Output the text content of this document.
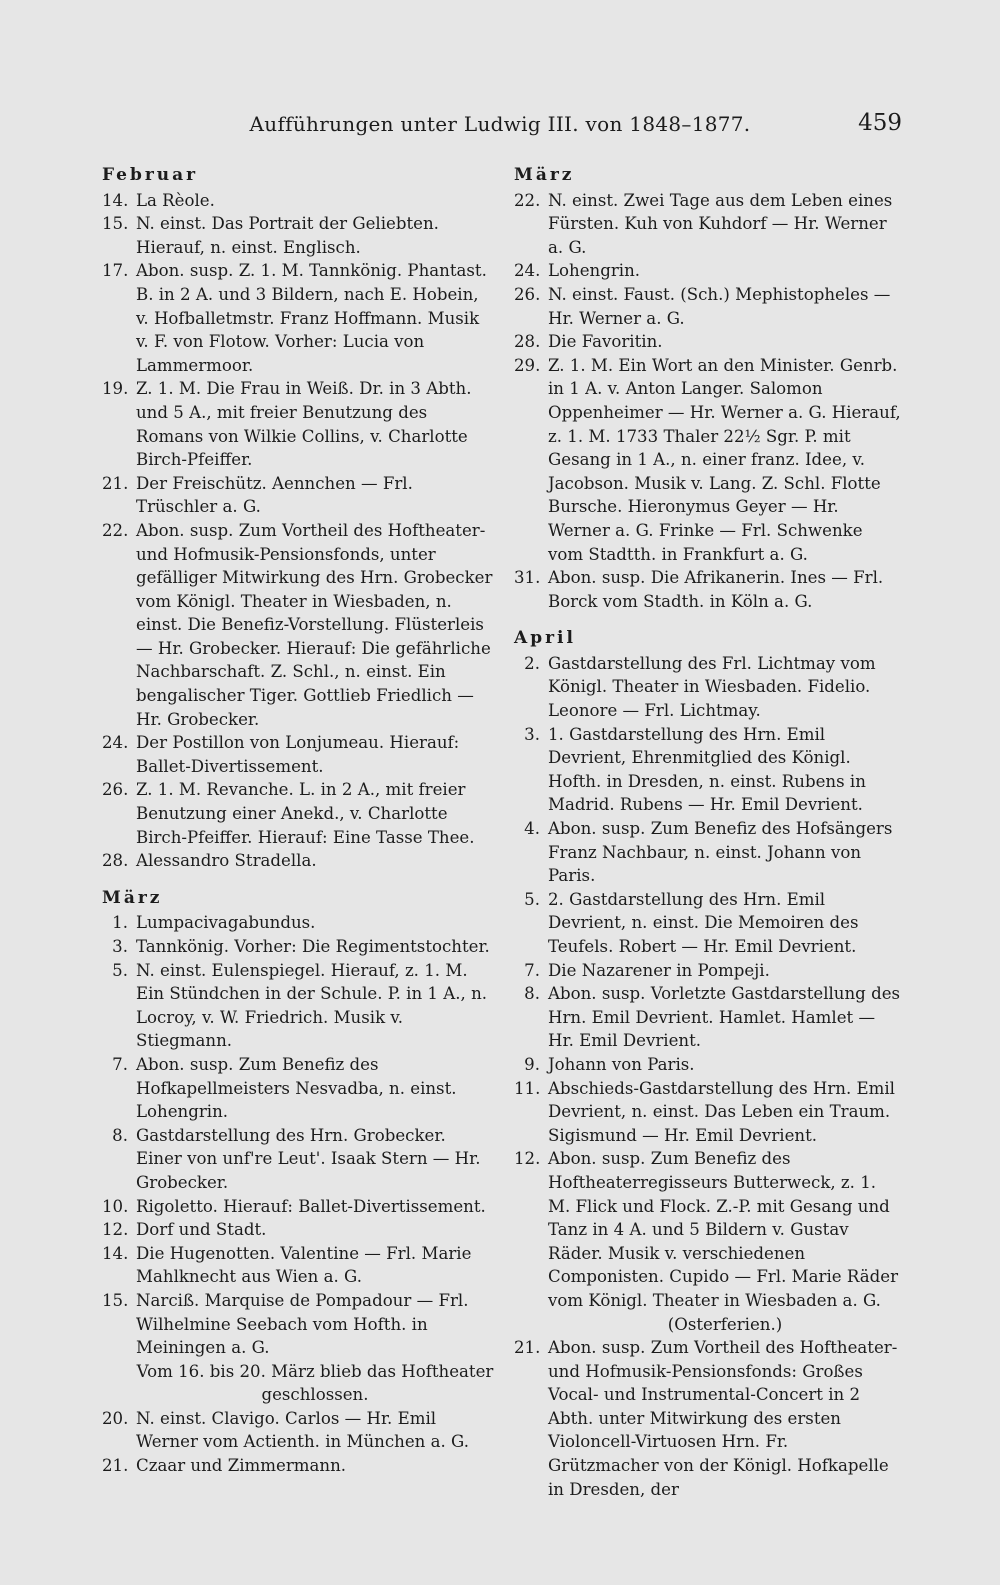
Aufführungen unter Ludwig III. von 1848–1877.	459
Februar
14. La Rèole.
15. N. einst. Das Portrait der Geliebten. Hierauf, n. einst. Englisch.
17. Abon. susp. Z. 1. M. Tannkönig. Phantast. B. in 2 A. und 3 Bildern, nach E. Hobein, v. Hofballetmstr. Franz Hoffmann. Musik v. F. von Flotow. Vorher: Lucia von Lammermoor.
19. Z. 1. M. Die Frau in Weiß. Dr. in 3 Abth. und 5 A., mit freier Benutzung des Romans von Wilkie Collins, v. Charlotte Birch-Pfeiffer.
21. Der Freischütz. Aennchen — Frl. Trüschler a. G.
22. Abon. susp. Zum Vortheil des Hoftheater- und Hofmusik-Pensionsfonds, unter gefälliger Mitwirkung des Hrn. Grobecker vom Königl. Theater in Wiesbaden, n. einst. Die Benefiz-Vorstellung. Flüsterleis — Hr. Grobecker. Hierauf: Die gefährliche Nachbarschaft. Z. Schl., n. einst. Ein bengalischer Tiger. Gottlieb Friedlich — Hr. Grobecker.
24. Der Postillon von Lonjumeau. Hierauf: Ballet-Divertissement.
26. Z. 1. M. Revanche. L. in 2 A., mit freier Benutzung einer Anekd., v. Charlotte Birch-Pfeiffer. Hierauf: Eine Tasse Thee.
28. Alessandro Stradella.
März
1. Lumpacivagabundus.
3. Tannkönig. Vorher: Die Regimentstochter.
5. N. einst. Eulenspiegel. Hierauf, z. 1. M. Ein Stündchen in der Schule. P. in 1 A., n. Locroy, v. W. Friedrich. Musik v. Stiegmann.
7. Abon. susp. Zum Benefiz des Hofkapellmeisters Nesvadba, n. einst. Lohengrin.
8. Gastdarstellung des Hrn. Grobecker. Einer von unf're Leut'. Isaak Stern — Hr. Grobecker.
10. Rigoletto. Hierauf: Ballet-Divertissement.
12. Dorf und Stadt.
14. Die Hugenotten. Valentine — Frl. Marie Mahlknecht aus Wien a. G.
15. Narciß. Marquise de Pompadour — Frl. Wilhelmine Seebach vom Hofth. in Meiningen a. G.
Vom 16. bis 20. März blieb das Hoftheater geschlossen.
20. N. einst. Clavigo. Carlos — Hr. Emil Werner vom Actienth. in München a. G.
21. Czaar und Zimmermann.
März
22. N. einst. Zwei Tage aus dem Leben eines Fürsten. Kuh von Kuhdorf — Hr. Werner a. G.
24. Lohengrin.
26. N. einst. Faust. (Sch.) Mephistopheles — Hr. Werner a. G.
28. Die Favoritin.
29. Z. 1. M. Ein Wort an den Minister. Genrb. in 1 A. v. Anton Langer. Salomon Oppenheimer — Hr. Werner a. G. Hierauf, z. 1. M. 1733 Thaler 22½ Sgr. P. mit Gesang in 1 A., n. einer franz. Idee, v. Jacobson. Musik v. Lang. Z. Schl. Flotte Bursche. Hieronymus Geyer — Hr. Werner a. G. Frinke — Frl. Schwenke vom Stadtth. in Frankfurt a. G.
31. Abon. susp. Die Afrikanerin. Ines — Frl. Borck vom Stadth. in Köln a. G.
April
2. Gastdarstellung des Frl. Lichtmay vom Königl. Theater in Wiesbaden. Fidelio. Leonore — Frl. Lichtmay.
3. 1. Gastdarstellung des Hrn. Emil Devrient, Ehrenmitglied des Königl. Hofth. in Dresden, n. einst. Rubens in Madrid. Rubens — Hr. Emil Devrient.
4. Abon. susp. Zum Benefiz des Hofsängers Franz Nachbaur, n. einst. Johann von Paris.
5. 2. Gastdarstellung des Hrn. Emil Devrient, n. einst. Die Memoiren des Teufels. Robert — Hr. Emil Devrient.
7. Die Nazarener in Pompeji.
8. Abon. susp. Vorletzte Gastdarstellung des Hrn. Emil Devrient. Hamlet. Hamlet — Hr. Emil Devrient.
9. Johann von Paris.
11. Abschieds-Gastdarstellung des Hrn. Emil Devrient, n. einst. Das Leben ein Traum. Sigismund — Hr. Emil Devrient.
12. Abon. susp. Zum Benefiz des Hoftheaterregisseurs Butterweck, z. 1. M. Flick und Flock. Z.-P. mit Gesang und Tanz in 4 A. und 5 Bildern v. Gustav Räder. Musik v. verschiedenen Componisten. Cupido — Frl. Marie Räder vom Königl. Theater in Wiesbaden a. G.
(Osterferien.)
21. Abon. susp. Zum Vortheil des Hoftheater- und Hofmusik-Pensionsfonds: Großes Vocal- und Instrumental-Concert in 2 Abth. unter Mitwirkung des ersten Violoncell-Virtuosen Hrn. Fr. Grützmacher von der Königl. Hofkapelle in Dresden, der
